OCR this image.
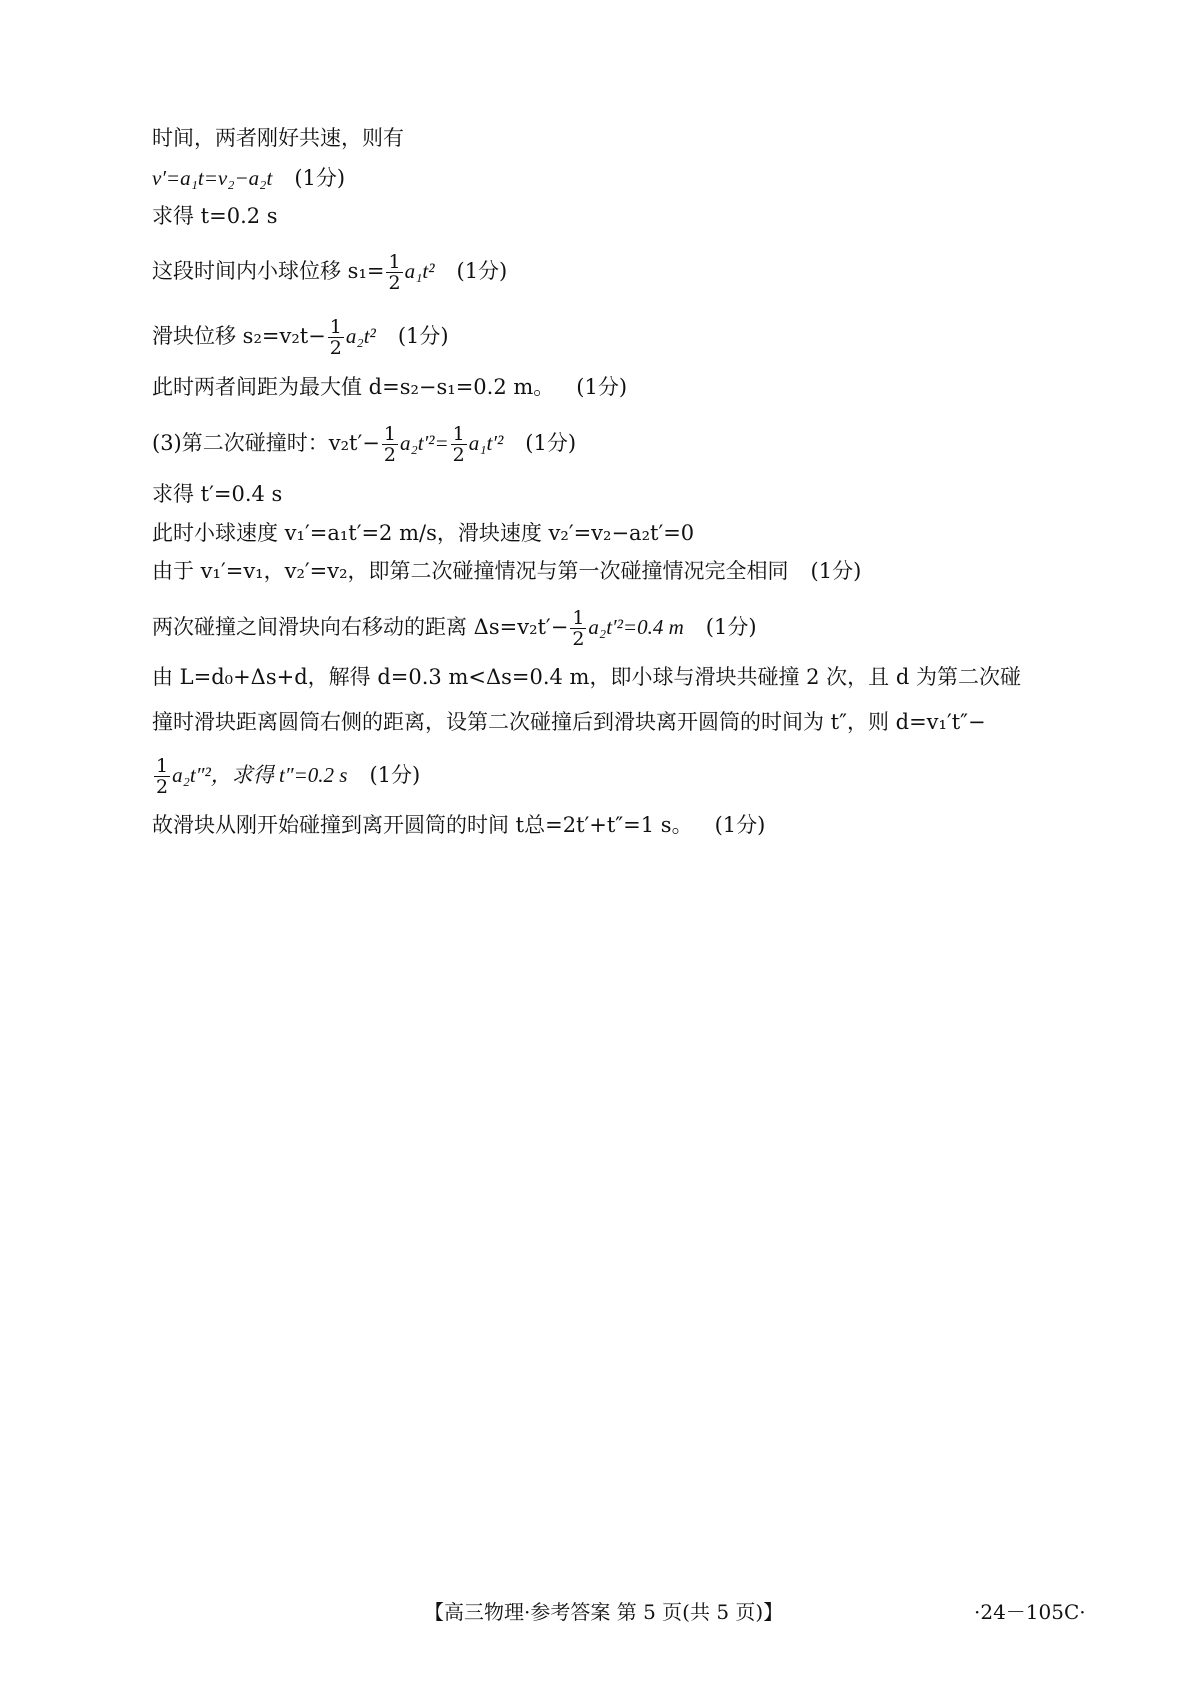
时间，两者刚好共速，则有
v′=a₁t=v₂−a₂t (1分)
求得 t=0.2 s
这段时间内小球位移 $s_1= \frac{1}{2} a_1t^2$ (1分)
滑块位移 $s_2=v_2t- \frac{1}{2} a_2t^2$ (1分)
此时两者间距为最大值 d=s₂−s₁=0.2 m。 (1分)
(3)第二次碰撞时：$v_2t'- \frac{1}{2} a_2t'^2= \frac{1}{2} a_1t'^2$ (1分)
求得 t′=0.4 s
此时小球速度 v₁′=a₁t′=2 m/s，滑块速度 v₂′=v₂−a₂t′=0
由于 v₁′=v₁，v₂′=v₂，即第二次碰撞情况与第一次碰撞情况完全相同 (1分)
两次碰撞之间滑块向右移动的距离 $\Delta s=v_2t'- \frac{1}{2} a_2t'^2=0.4$ m (1分)
由 L=d₀+Δs+d，解得 d=0.3 m<Δs=0.4 m，即小球与滑块共碰撞 2 次，且 d 为第二次碰
撞时滑块距离圆筒右侧的距离，设第二次碰撞后到滑块离开圆筒的时间为 t″，则 d=v₁′t″−
$\frac{1}{2} a_2t''^2$，求得 t″=0.2 s (1分)
故滑块从刚开始碰撞到离开圆筒的时间 t总=2t′+t″=1 s。 (1分)
【高三物理·参考答案 第 5 页(共 5 页)】	·24－105C·
